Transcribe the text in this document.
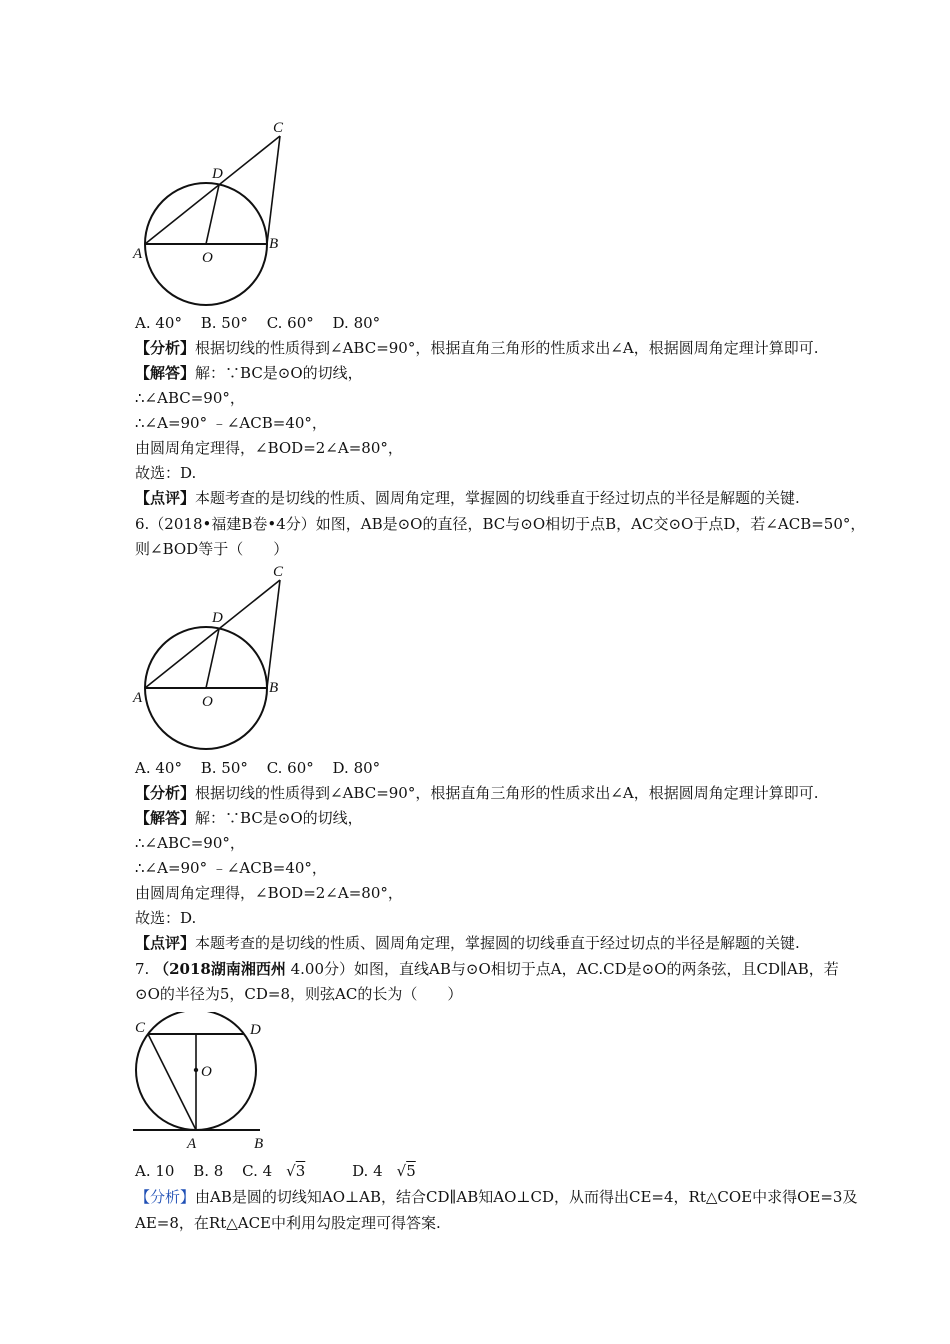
C
D
A	O
B
A. 40° B. 50° C. 60° D. 80°
【分析】根据切线的性质得到∠ABC=90°，根据直角三角形的性质求出∠A，根据圆周角定理计算即可.
【解答】解：∵BC是⊙O的切线，
∴∠ABC=90°，
∴∠A=90° ﹣∠ACB=40°，
由圆周角定理得，∠BOD=2∠A=80°，
故选：D.
【点评】本题考查的是切线的性质、圆周角定理，掌握圆的切线垂直于经过切点的半径是解题的关键.
6.（2018•福建B卷•4分）如图，AB是⊙O的直径，BC与⊙O相切于点B，AC交⊙O于点D，若∠ACB=50°，
则∠BOD等于（　　）
C
D
A	O
B
A. 40° B. 50° C. 60° D. 80°
【分析】根据切线的性质得到∠ABC=90°，根据直角三角形的性质求出∠A，根据圆周角定理计算即可.
【解答】解：∵BC是⊙O的切线，
∴∠ABC=90°，
∴∠A=90° ﹣∠ACB=40°，
由圆周角定理得，∠BOD=2∠A=80°，
故选：D.
【点评】本题考查的是切线的性质、圆周角定理，掌握圆的切线垂直于经过切点的半径是解题的关键.
7. （2018湖南湘西州 4.00分）如图，直线AB与⊙O相切于点A，AC.CD是⊙O的两条弦，且CD∥AB，若
⊙O的半径为5，CD=8，则弦AC的长为（　　）
C	D
O
A	B
A. 10 B. 8 C. 4 √3	D. 4 √5
【分析】由AB是圆的切线知AO⊥AB，结合CD∥AB知AO⊥CD，从而得出CE=4，Rt△COE中求得OE=3及
AE=8，在Rt△ACE中利用勾股定理可得答案.
